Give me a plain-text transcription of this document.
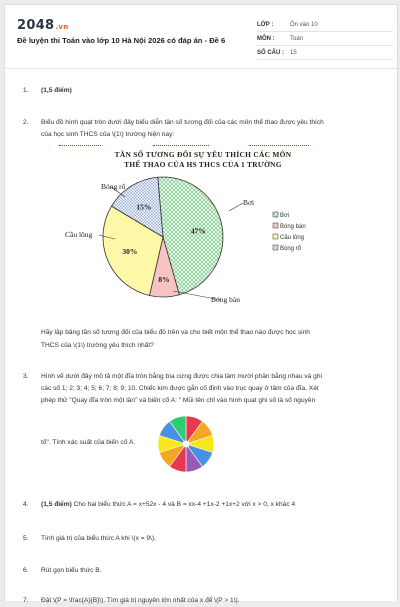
2048.vn
Đề luyện thi Toán vào lớp 10 Hà Nội 2026 có đáp án - Đề 6
LỚP :	Ôn vào 10
MÔN :	Toán
SỐ CÂU :	15
1. (1,5 điểm)
2. Biểu đồ hình quạt tròn dưới đây biểu diễn tần số tương đối của các môn thể thao được yêu thích
của học sinh THCS của \(1\) trường hiện nay:
TẦN SỐ TƯƠNG ĐỐI SỰ YÊU THÍCH CÁC MÔN
THỂ THAO CỦA HS THCS CỦA 1 TRƯỜNG
47%
8%
30%
15%	Bơi
Bóng bàn
Cầu lông
Bóng rổ
Bơi
Bóng bàn
Cầu lông
Bóng rổ
Hãy lập bảng tần số tương đối của biểu đồ trên và cho biết môn thể thao nào được học sinh
THCS của \(1\) trường yêu thích nhất?
3. Hình vẽ dưới đây mô tả một đĩa tròn bằng bìa cứng được chia làm mười phần bằng nhau và ghi
các số 1; 2; 3; 4; 5; 6; 7; 8; 9; 10. Chiếc kim được gắn cố định vào trục quay ở tâm của đĩa. Xét
phép thử "Quay đĩa tròn một lần" và biến cố A: " Mũi tên chỉ vào hình quạt ghi số là số nguyên
tố". Tính xác suất của biến cố A.
4. (1,5 điểm) Cho hai biểu thức A = x+52x - 4 và B = xx-4 +1x-2 +1x+2 với x > 0, x khác 4
5. Tính giá trị của biểu thức A khi \(x = 9\).
6. Rút gọn biểu thức B.
7. Đặt \(P = \frac{A}{B}\). Tìm giá trị nguyên lớn nhất của x để \(P > 1\).
